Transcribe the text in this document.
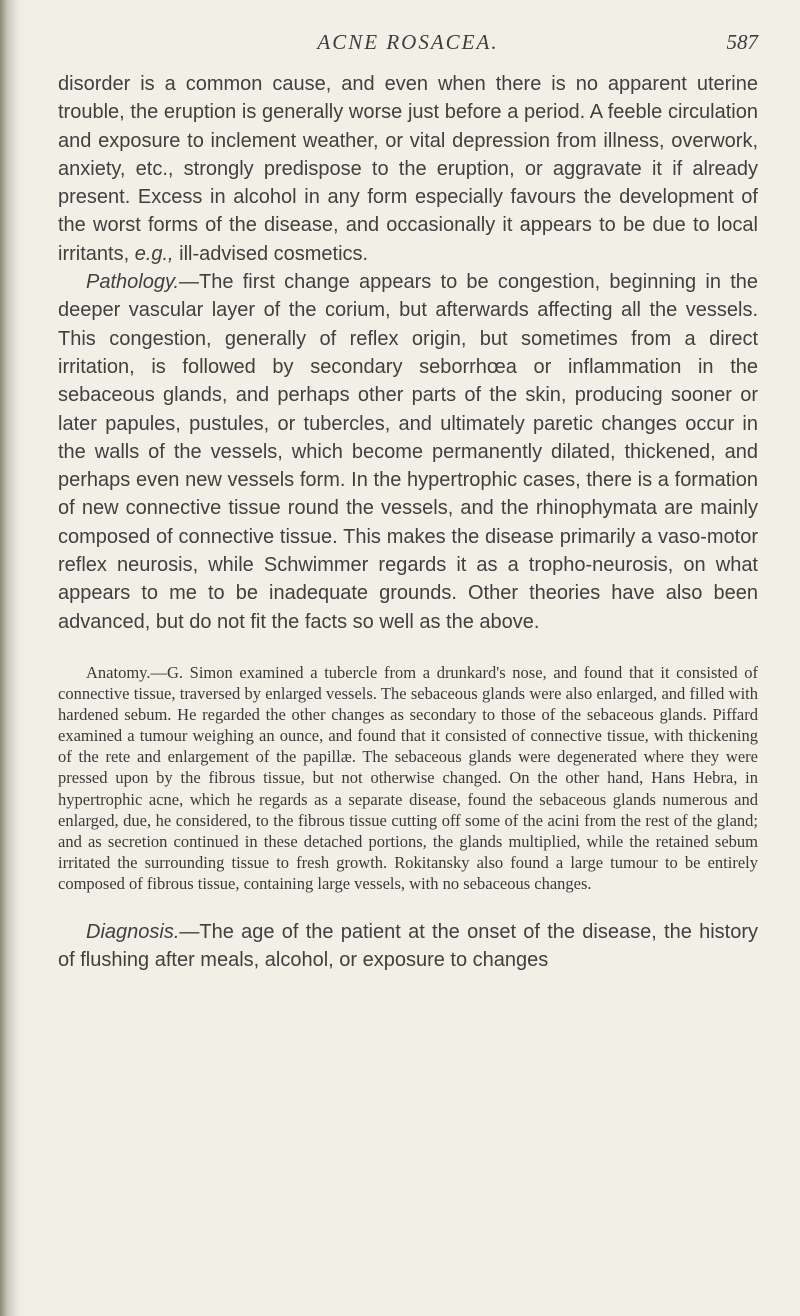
ACNE ROSACEA.	587

disorder is a common cause, and even when there is no apparent uterine trouble, the eruption is generally worse just before a period. A feeble circulation and exposure to inclement weather, or vital depression from illness, overwork, anxiety, etc., strongly predispose to the eruption, or aggravate it if already present. Excess in alcohol in any form especially favours the development of the worst forms of the disease, and occasionally it appears to be due to local irritants, e.g., ill-advised cosmetics.

Pathology.—The first change appears to be congestion, beginning in the deeper vascular layer of the corium, but afterwards affecting all the vessels. This congestion, generally of reflex origin, but sometimes from a direct irritation, is followed by secondary seborrhœa or inflammation in the sebaceous glands, and perhaps other parts of the skin, producing sooner or later papules, pustules, or tubercles, and ultimately paretic changes occur in the walls of the vessels, which become permanently dilated, thickened, and perhaps even new vessels form. In the hypertrophic cases, there is a formation of new connective tissue round the vessels, and the rhinophymata are mainly composed of connective tissue. This makes the disease primarily a vaso-motor reflex neurosis, while Schwimmer regards it as a tropho-neurosis, on what appears to me to be inadequate grounds. Other theories have also been advanced, but do not fit the facts so well as the above.

Anatomy.—G. Simon examined a tubercle from a drunkard's nose, and found that it consisted of connective tissue, traversed by enlarged vessels. The sebaceous glands were also enlarged, and filled with hardened sebum. He regarded the other changes as secondary to those of the sebaceous glands. Piffard examined a tumour weighing an ounce, and found that it consisted of connective tissue, with thickening of the rete and enlargement of the papillæ. The sebaceous glands were degenerated where they were pressed upon by the fibrous tissue, but not otherwise changed. On the other hand, Hans Hebra, in hypertrophic acne, which he regards as a separate disease, found the sebaceous glands numerous and enlarged, due, he considered, to the fibrous tissue cutting off some of the acini from the rest of the gland; and as secretion continued in these detached portions, the glands multiplied, while the retained sebum irritated the surrounding tissue to fresh growth. Rokitansky also found a large tumour to be entirely composed of fibrous tissue, containing large vessels, with no sebaceous changes.

Diagnosis.—The age of the patient at the onset of the disease, the history of flushing after meals, alcohol, or exposure to changes
